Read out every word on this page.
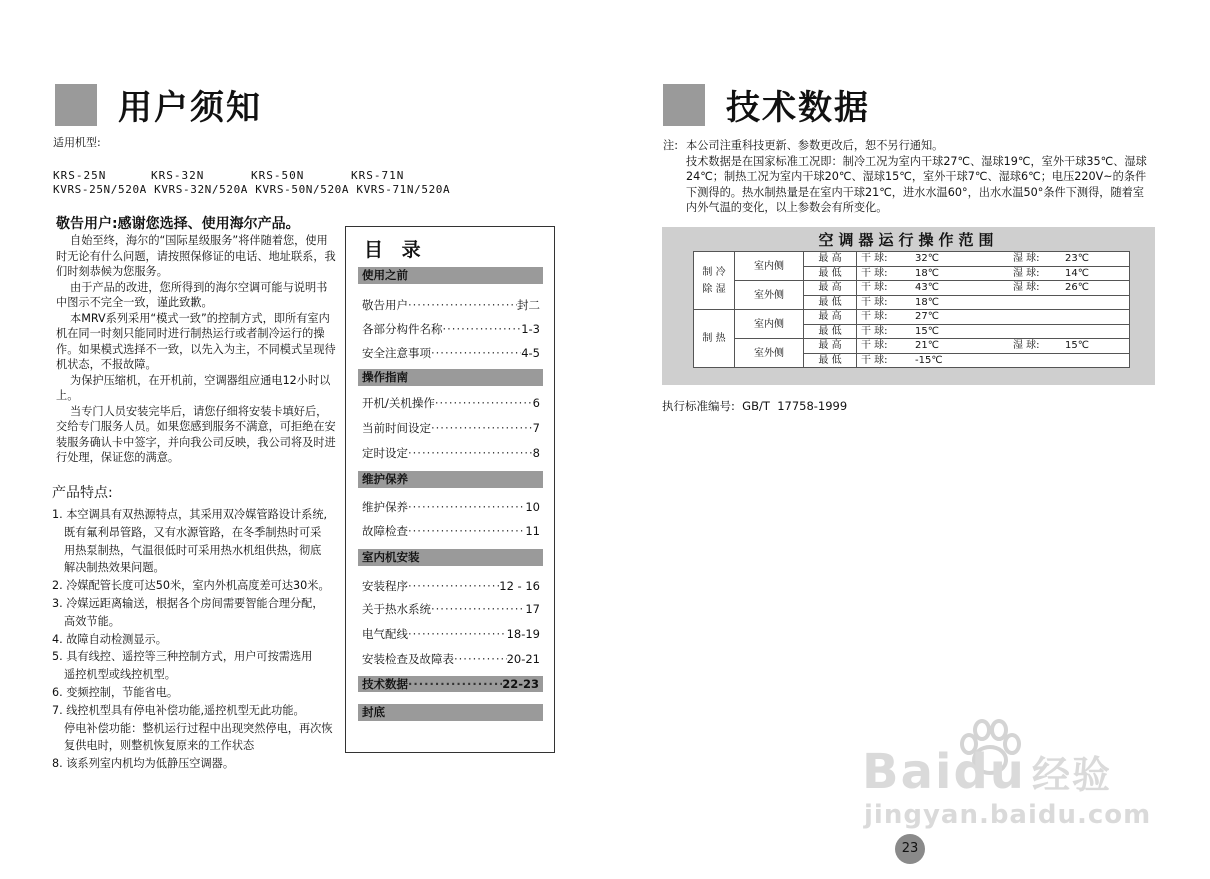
用户须知
适用机型:
KRS-25N	KRS-32N	KRS-50N	KRS-71N
KVRS-25N/520A KVRS-32N/520A KVRS-50N/520A KVRS-71N/520A
敬告用户:感谢您选择、使用海尔产品。

自始至终，海尔的“国际星级服务”将伴随着您，使用时无论有什么问题，请按照保修证的电话、地址联系，我们时刻恭候为您服务。

由于产品的改进，您所得到的海尔空调可能与说明书中图示不完全一致，谨此致歉。

本MRV系列采用“模式一致”的控制方式，即所有室内机在同一时刻只能同时进行制热运行或者制冷运行的操作。如果模式选择不一致，以先入为主，不同模式呈现待机状态，不报故障。

为保护压缩机，在开机前，空调器组应通电12小时以上。

当专门人员安装完毕后，请您仔细将安装卡填好后，交给专门服务人员。如果您感到服务不满意，可拒绝在安装服务确认卡中签字，并向我公司反映，我公司将及时进行处理，保证您的满意。

产品特点:
1. 本空调具有双热源特点，其采用双冷媒管路设计系统,
既有氟利昂管路，又有水源管路，在冬季制热时可采
用热泵制热，气温很低时可采用热水机组供热，彻底
解决制热效果问题。
2. 冷媒配管长度可达50米，室内外机高度差可达30米。
3. 冷媒远距离输送，根据各个房间需要智能合理分配，
高效节能。
4. 故障自动检测显示。
5. 具有线控、遥控等三种控制方式，用户可按需选用
遥控机型或线控机型。
6. 变频控制，节能省电。
7. 线控机型具有停电补偿功能,遥控机型无此功能。
停电补偿功能：整机运行过程中出现突然停电，再次恢
复供电时，则整机恢复原来的工作状态
8. 该系列室内机均为低静压空调器。
目 录
使用之前
敬告用户 ·····	封二
各部分构件名称 ·····	1-3
安全注意事项 ·····	4-5
操作指南
开机/关机操作 ·····	6
当前时间设定 ·····	7
定时设定 ·····	8
维护保养
维护保养 ·····	10
故障检查 ·····	11
室内机安装
安装程序 ·····	12 - 16
关于热水系统 ·····	17
电气配线 ·····	18-19
安装检查及故障表 ·····	20-21
技术数据 ·····	22-23
封底
技术数据
注: 本公司注重科技更新、参数更改后，恕不另行通知。

技术数据是在国家标准工况即：制冷工况为室内干球27℃、湿球19℃，室外干球35℃、湿球24℃；制热工况为室内干球20℃、湿球15℃，室外干球7℃、湿球6℃；电压220V~的条件下测得的。热水制热量是在室内干球21℃，进水水温60°，出水水温50°条件下测得，随着室内外气温的变化，以上参数会有所变化。

空调器运行操作范围
制 冷
除 湿	室内侧	最 高	干 球:	32℃	湿 球:	23℃
		最 低	干 球:	18℃	湿 球:	14℃
	室外侧	最 高	干 球:	43℃	湿 球:	26℃
		最 低	干 球:	18℃		
制 热	室内侧	最 高	干 球:	27℃		
		最 低	干 球:	15℃		
	室外侧	最 高	干 球:	21℃	湿 球:	15℃
		最 低	干 球:	-15℃		
执行标准编号:  GB/T  17758-1999
Baidu 经验
jingyan.baidu.com
23
